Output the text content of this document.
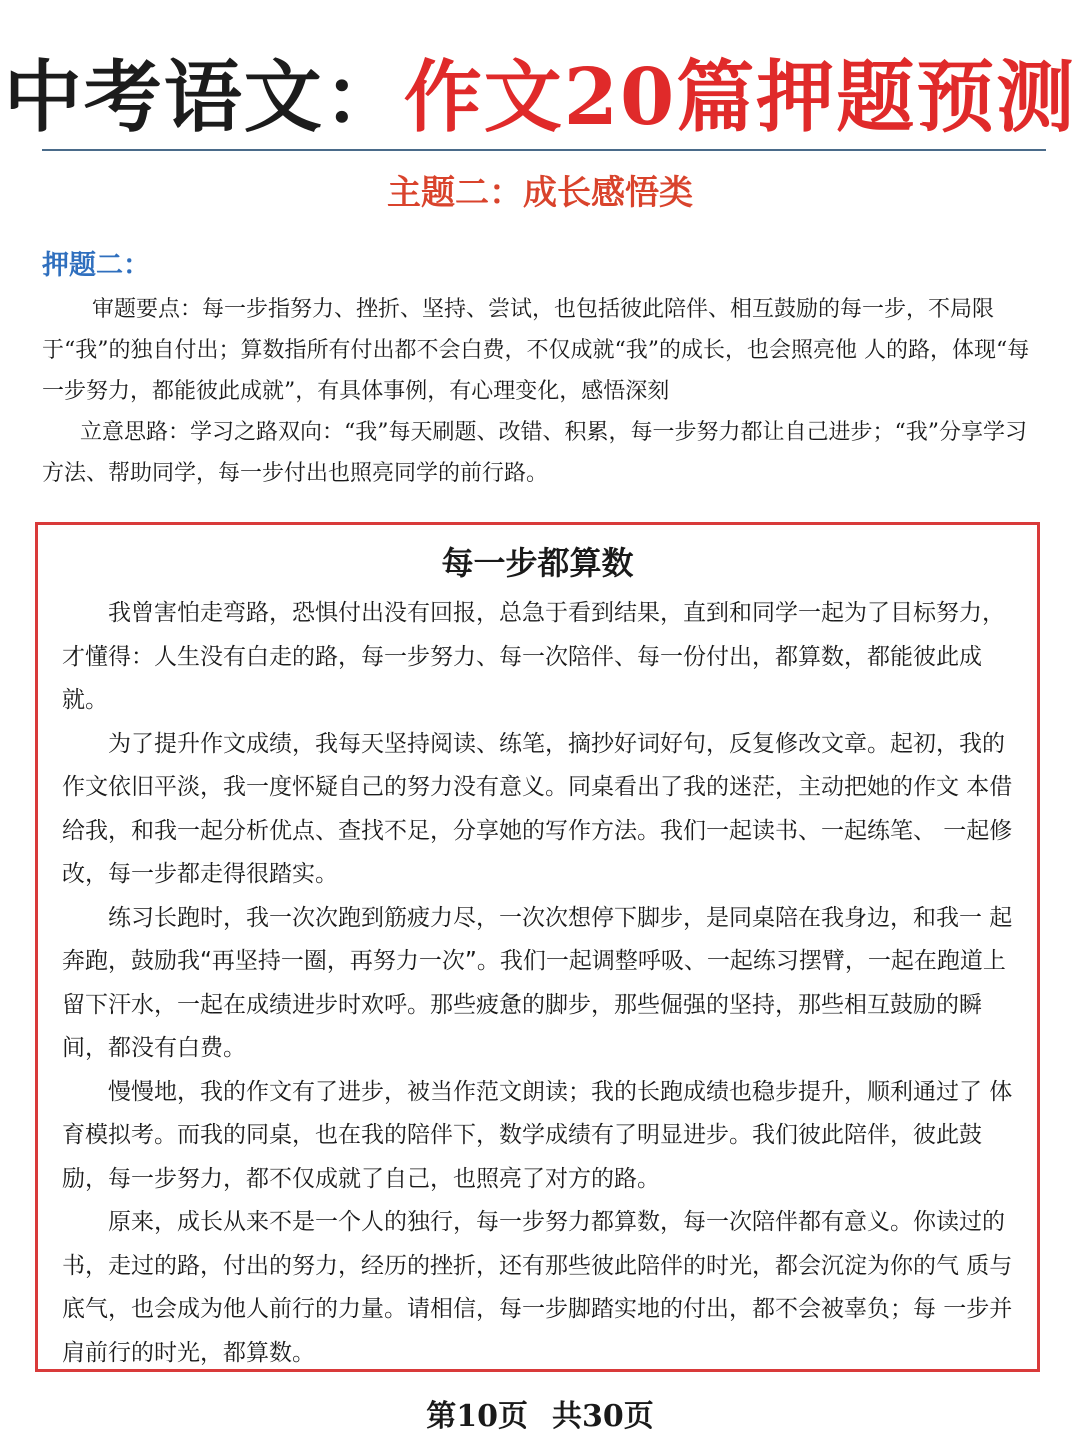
中考语文：作文20篇押题预测
主题二：成长感悟类
押题二：

审题要点：每一步指努力、挫折、坚持、尝试，也包括彼此陪伴、相互鼓励的每一步，不局限于“我”的独自付出；算数指所有付出都不会白费，不仅成就“我”的成长，也会照亮他 人的路，体现“每一步努力，都能彼此成就”，有具体事例，有心理变化，感悟深刻

立意思路：学习之路双向：“我”每天刷题、改错、积累，每一步努力都让自己进步；“我”分享学习方法、帮助同学，每一步付出也照亮同学的前行路。

每一步都算数

我曾害怕走弯路，恐惧付出没有回报，总急于看到结果，直到和同学一起为了目标努力，才懂得：人生没有白走的路，每一步努力、每一次陪伴、每一份付出，都算数，都能彼此成就。

为了提升作文成绩，我每天坚持阅读、练笔，摘抄好词好句，反复修改文章。起初，我的作文依旧平淡，我一度怀疑自己的努力没有意义。同桌看出了我的迷茫，主动把她的作文 本借给我，和我一起分析优点、查找不足，分享她的写作方法。我们一起读书、一起练笔、 一起修改，每一步都走得很踏实。

练习长跑时，我一次次跑到筋疲力尽，一次次想停下脚步，是同桌陪在我身边，和我一 起奔跑，鼓励我“再坚持一圈，再努力一次”。我们一起调整呼吸、一起练习摆臂，一起在跑道上留下汗水，一起在成绩进步时欢呼。那些疲惫的脚步，那些倔强的坚持，那些相互鼓励的瞬间，都没有白费。

慢慢地，我的作文有了进步，被当作范文朗读；我的长跑成绩也稳步提升，顺利通过了 体育模拟考。而我的同桌，也在我的陪伴下，数学成绩有了明显进步。我们彼此陪伴，彼此鼓励，每一步努力，都不仅成就了自己，也照亮了对方的路。

原来，成长从来不是一个人的独行，每一步努力都算数，每一次陪伴都有意义。你读过的书，走过的路，付出的努力，经历的挫折，还有那些彼此陪伴的时光，都会沉淀为你的气 质与底气，也会成为他人前行的力量。请相信，每一步脚踏实地的付出，都不会被辜负；每 一步并肩前行的时光，都算数。

第10页 共30页
